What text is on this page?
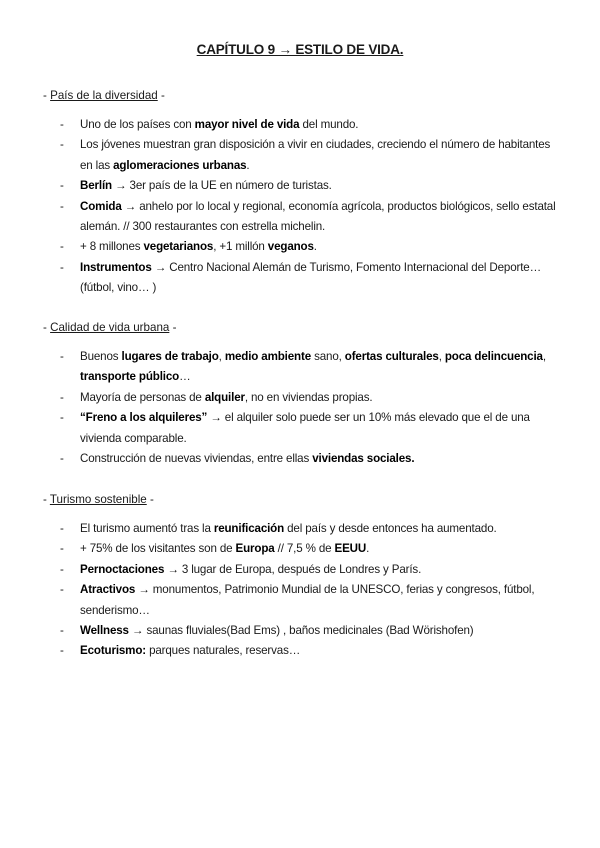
CAPÍTULO 9 → ESTILO DE VIDA.
- País de la diversidad -
- Uno de los países con mayor nivel de vida del mundo.
- Los jóvenes muestran gran disposición a vivir en ciudades, creciendo el número de habitantes en las aglomeraciones urbanas.
- Berlín → 3er país de la UE en número de turistas.
- Comida → anhelo por lo local y regional, economía agrícola, productos biológicos, sello estatal alemán. // 300 restaurantes con estrella michelin.
- + 8 millones vegetarianos, +1 millón veganos.
- Instrumentos → Centro Nacional Alemán de Turismo, Fomento Internacional del Deporte… (fútbol, vino… )
- Calidad de vida urbana -
- Buenos lugares de trabajo, medio ambiente sano, ofertas culturales, poca delincuencia, transporte público…
- Mayoría de personas de alquiler, no en viviendas propias.
- “Freno a los alquileres” → el alquiler solo puede ser un 10% más elevado que el de una vivienda comparable.
- Construcción de nuevas viviendas, entre ellas viviendas sociales.
- Turismo sostenible -
- El turismo aumentó tras la reunificación del país y desde entonces ha aumentado.
- + 75% de los visitantes son de Europa // 7,5 % de EEUU.
- Pernoctaciones → 3 lugar de Europa, después de Londres y París.
- Atractivos → monumentos, Patrimonio Mundial de la UNESCO, ferias y congresos, fútbol, senderismo…
- Wellness → saunas fluviales(Bad Ems) , baños medicinales (Bad Wörishofen)
- Ecoturismo: parques naturales, reservas…
